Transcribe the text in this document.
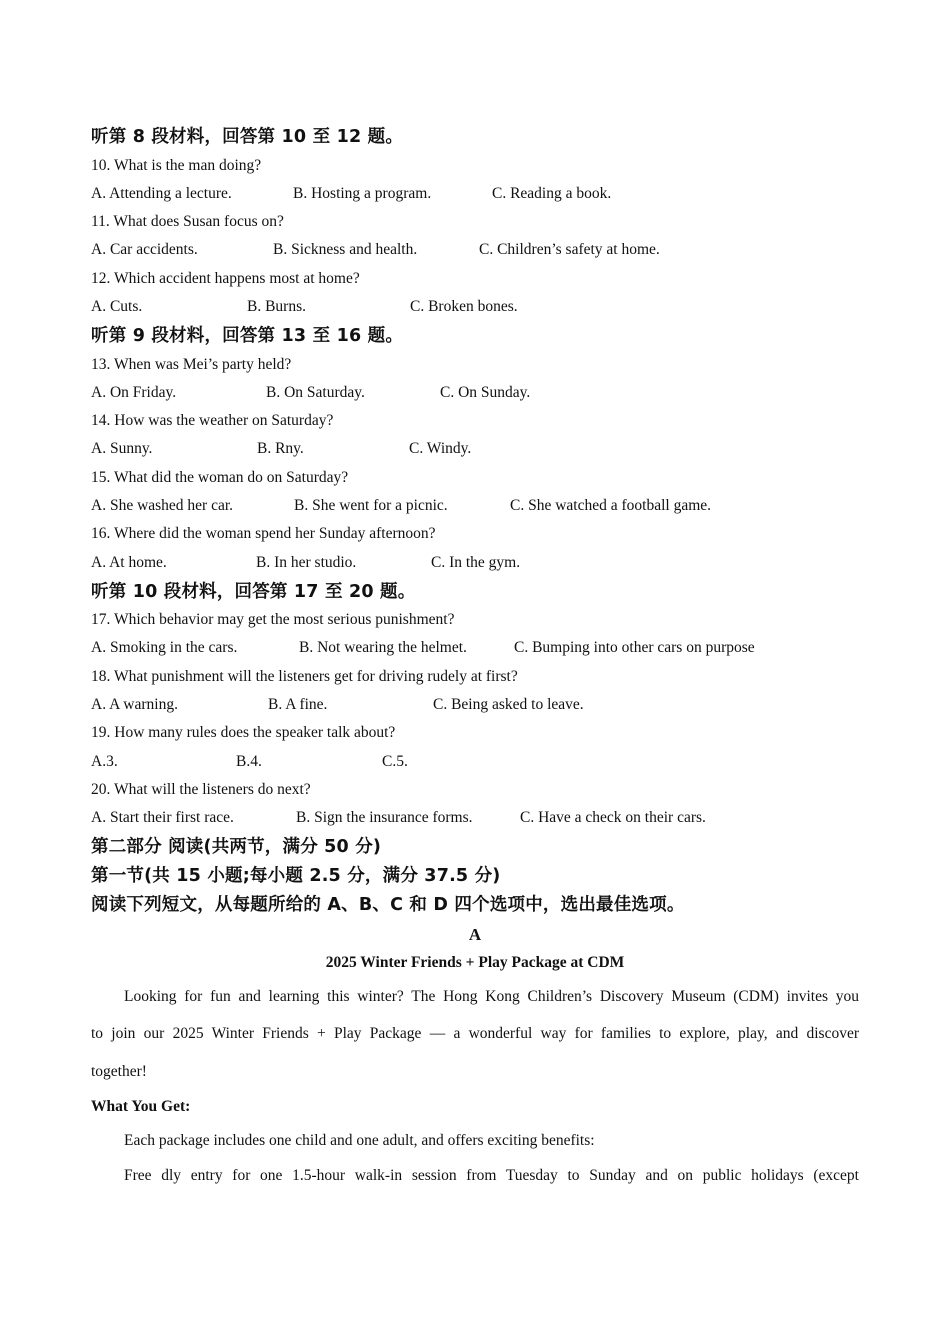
听第 8 段材料，回答第 10 至 12 题。
10. What is the man doing?
A. Attending a lecture.	B. Hosting a program.	C. Reading a book.
11. What does Susan focus on?
A. Car accidents.	B. Sickness and health.	C. Children’s safety at home.
12. Which accident happens most at home?
A. Cuts.	B. Burns.	C. Broken bones.
听第 9 段材料，回答第 13 至 16 题。
13. When was Mei’s party held?
A. On Friday.	B. On Saturday.	C. On Sunday.
14. How was the weather on Saturday?
A. Sunny.	B. Rny.	C. Windy.
15. What did the woman do on Saturday?
A. She washed her car.	B. She went for a picnic.	C. She watched a football game.
16. Where did the woman spend her Sunday afternoon?
A. At home.	B. In her studio.	C. In the gym.
听第 10 段材料，回答第 17 至 20 题。
17. Which behavior may get the most serious punishment?
A. Smoking in the cars.	B. Not wearing the helmet.	C. Bumping into other cars on purpose
18. What punishment will the listeners get for driving rudely at first?
A. A warning.	B. A fine.	C. Being asked to leave.
19. How many rules does the speaker talk about?
A.3.	B.4.	C.5.
20. What will the listeners do next?
A. Start their first race.	B. Sign the insurance forms.	C. Have a check on their cars.
第二部分 阅读(共两节，满分 50 分)
第一节(共 15 小题;每小题 2.5 分，满分 37.5 分)
阅读下列短文，从每题所给的 A、B、C 和 D 四个选项中，选出最佳选项。
A
2025 Winter Friends + Play Package at CDM
Looking for fun and learning this winter? The Hong Kong Children’s Discovery Museum (CDM) invites you
to join our 2025 Winter Friends + Play Package — a wonderful way for families to explore, play, and discover
together!
What You Get:
Each package includes one child and one adult, and offers exciting benefits:
Free dly entry for one 1.5-hour walk-in session from Tuesday to Sunday and on public holidays (except
